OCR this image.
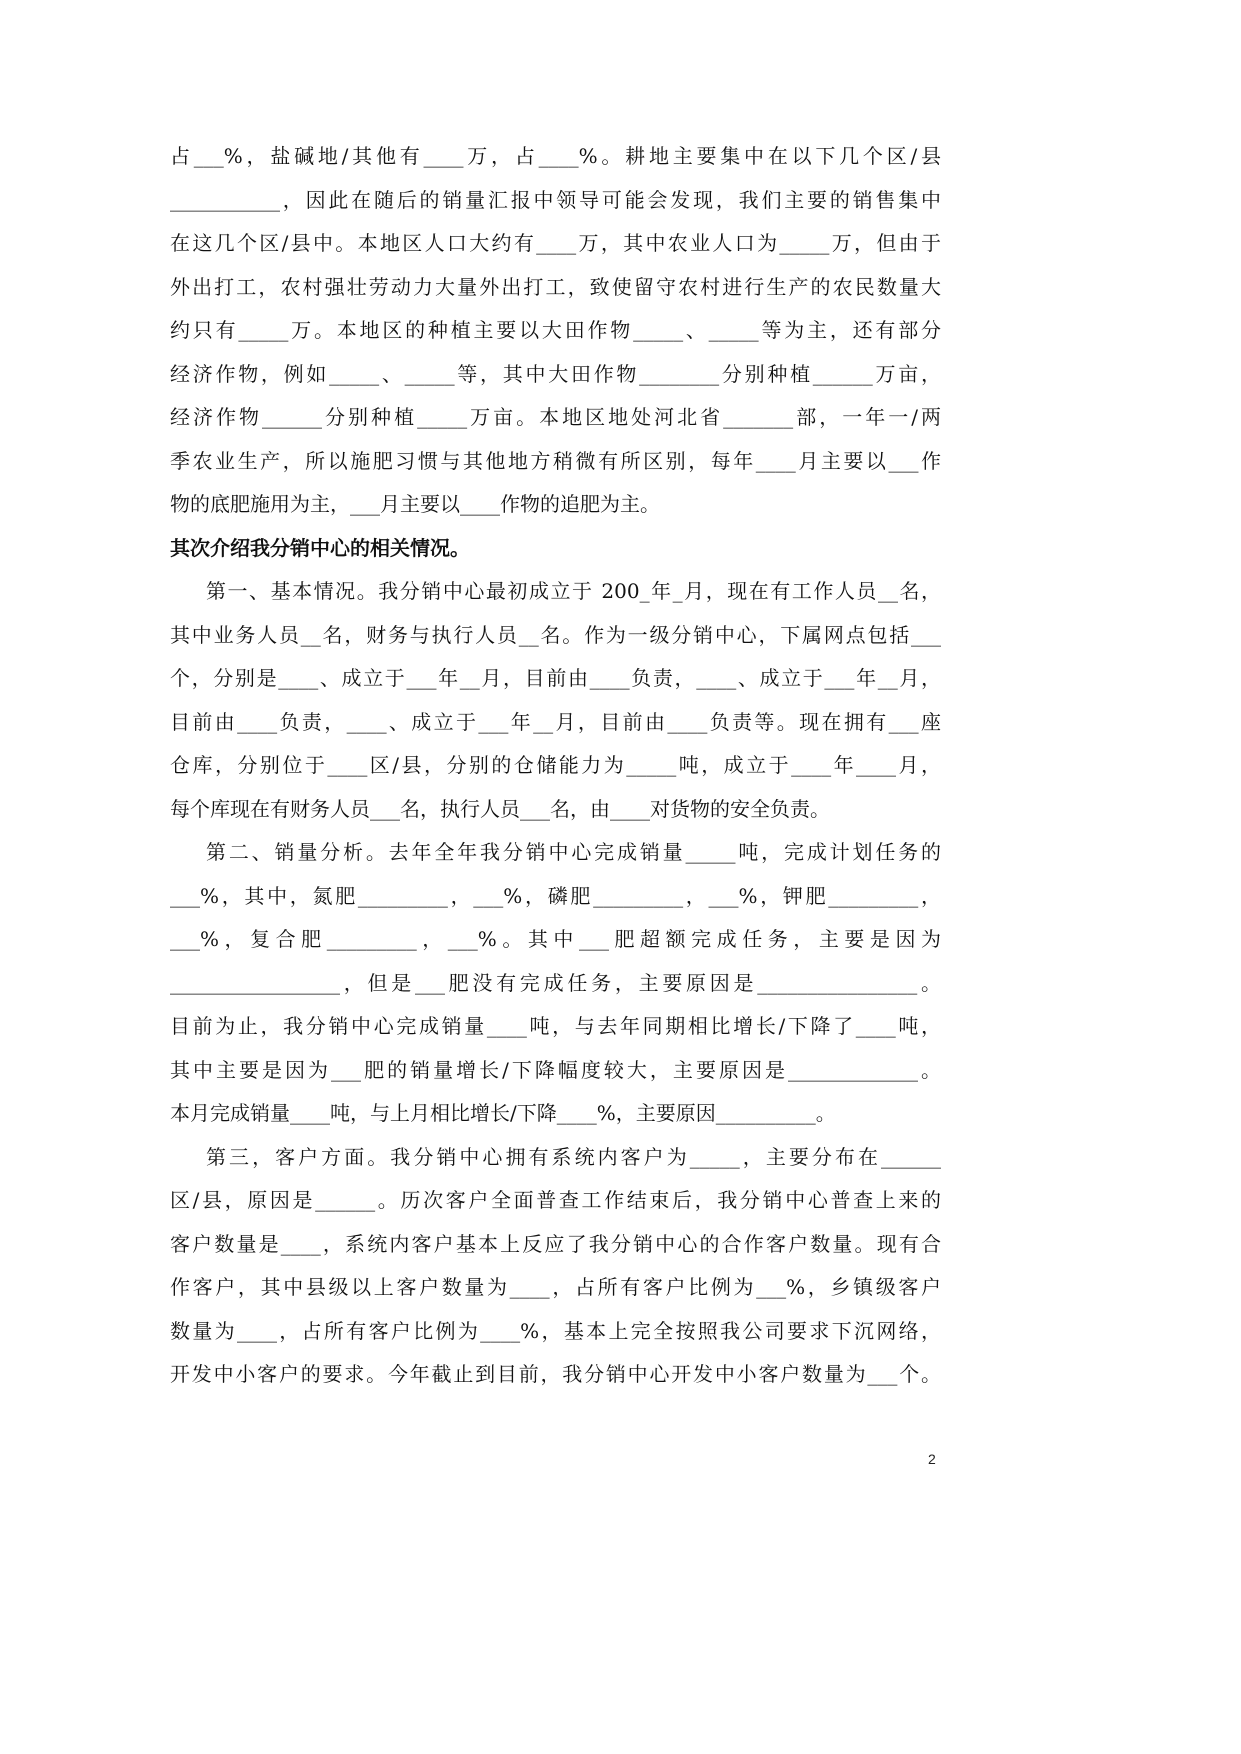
占___%，盐碱地/其他有____万，占____%。耕地主要集中在以下几个区/县
___________，因此在随后的销量汇报中领导可能会发现，我们主要的销售集中
在这几个区/县中。本地区人口大约有____万，其中农业人口为_____万，但由于
外出打工，农村强壮劳动力大量外出打工，致使留守农村进行生产的农民数量大
约只有_____万。本地区的种植主要以大田作物_____、_____等为主，还有部分
经济作物，例如_____、_____等，其中大田作物________分别种植______万亩，
经济作物______分别种植_____万亩。本地区地处河北省_______部，一年一/两
季农业生产，所以施肥习惯与其他地方稍微有所区别，每年____月主要以___作
物的底肥施用为主，___月主要以____作物的追肥为主。
其次介绍我分销中心的相关情况。
第一、基本情况。我分销中心最初成立于 200_年_月，现在有工作人员__名，
其中业务人员__名，财务与执行人员__名。作为一级分销中心，下属网点包括___
个，分别是____、成立于___年__月，目前由____负责，____、成立于___年__月，
目前由____负责，____、成立于___年__月，目前由____负责等。现在拥有___座
仓库，分别位于____区/县，分别的仓储能力为_____吨，成立于____年____月，
每个库现在有财务人员___名，执行人员___名，由____对货物的安全负责。
第二、销量分析。去年全年我分销中心完成销量_____吨，完成计划任务的
___%，其中，氮肥_________，___%，磷肥_________，___%，钾肥_________，
___%，复合肥_________，___%。其中___肥超额完成任务，主要是因为
_________________，但是___肥没有完成任务，主要原因是________________。
目前为止，我分销中心完成销量____吨，与去年同期相比增长/下降了____吨，
其中主要是因为___肥的销量增长/下降幅度较大，主要原因是_____________。
本月完成销量____吨，与上月相比增长/下降____%，主要原因__________。
第三，客户方面。我分销中心拥有系统内客户为_____，主要分布在______
区/县，原因是______。历次客户全面普查工作结束后，我分销中心普查上来的
客户数量是____，系统内客户基本上反应了我分销中心的合作客户数量。现有合
作客户，其中县级以上客户数量为____，占所有客户比例为___%，乡镇级客户
数量为____，占所有客户比例为____%，基本上完全按照我公司要求下沉网络，
开发中小客户的要求。今年截止到目前，我分销中心开发中小客户数量为___个。
2
